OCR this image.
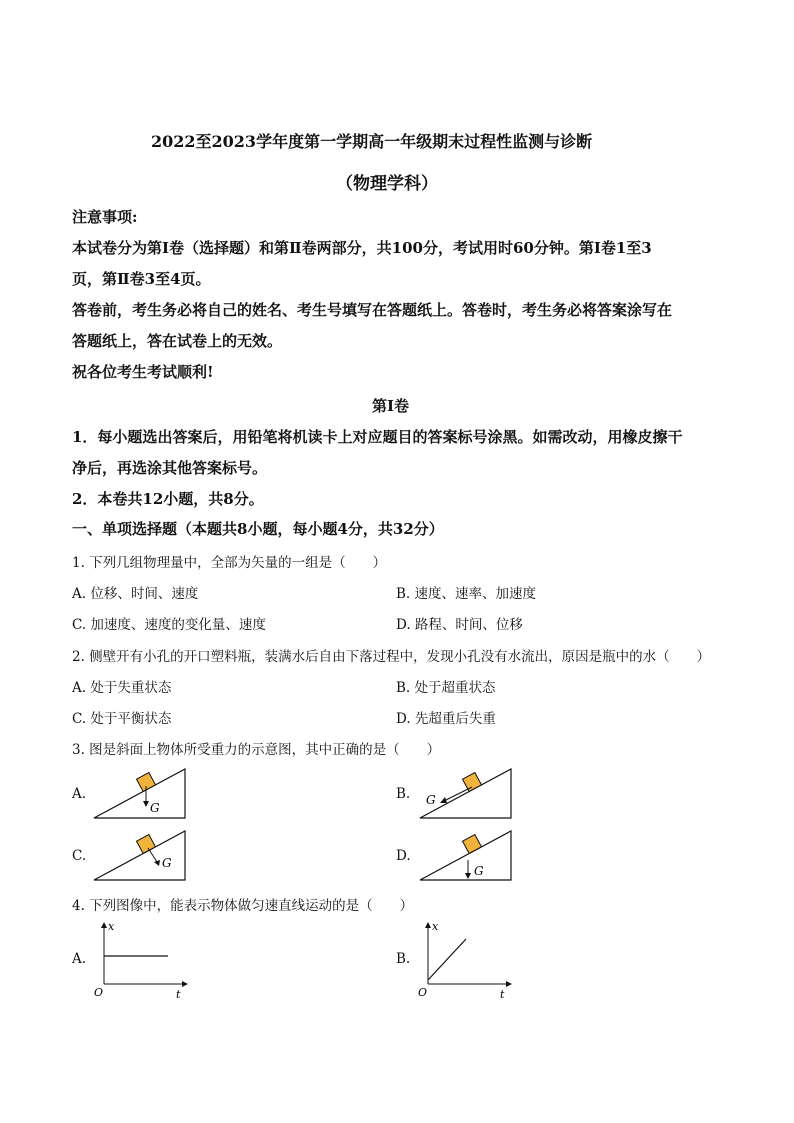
2022至2023学年度第一学期高一年级期末过程性监测与诊断
（物理学科）
注意事项:
本试卷分为第Ⅰ卷（选择题）和第Ⅱ卷两部分，共100分，考试用时60分钟。第Ⅰ卷1至3
页，第Ⅱ卷3至4页。
答卷前，考生务必将自己的姓名、考生号填写在答题纸上。答卷时，考生务必将答案涂写在
答题纸上，答在试卷上的无效。
祝各位考生考试顺利!
第Ⅰ卷
1．每小题选出答案后，用铅笔将机读卡上对应题目的答案标号涂黑。如需改动，用橡皮擦干
净后，再选涂其他答案标号。
2．本卷共12小题，共8分。
一、单项选择题（本题共8小题，每小题4分，共32分）
1. 下列几组物理量中，全部为矢量的一组是（　　）
A. 位移、时间、速度	B. 速度、速率、加速度
C. 加速度、速度的变化量、速度	D. 路程、时间、位移
2. 侧壁开有小孔的开口塑料瓶，装满水后自由下落过程中，发现小孔没有水流出，原因是瓶中的水（　　）
A. 处于失重状态	B. 处于超重状态
C. 处于平衡状态	D. 先超重后失重
3. 图是斜面上物体所受重力的示意图，其中正确的是（　　）
A.
G
B. G
C.	G	D.
G
4. 下列图像中，能表示物体做匀速直线运动的是（　　）
A.
x
t
O
B.
x
t
O
